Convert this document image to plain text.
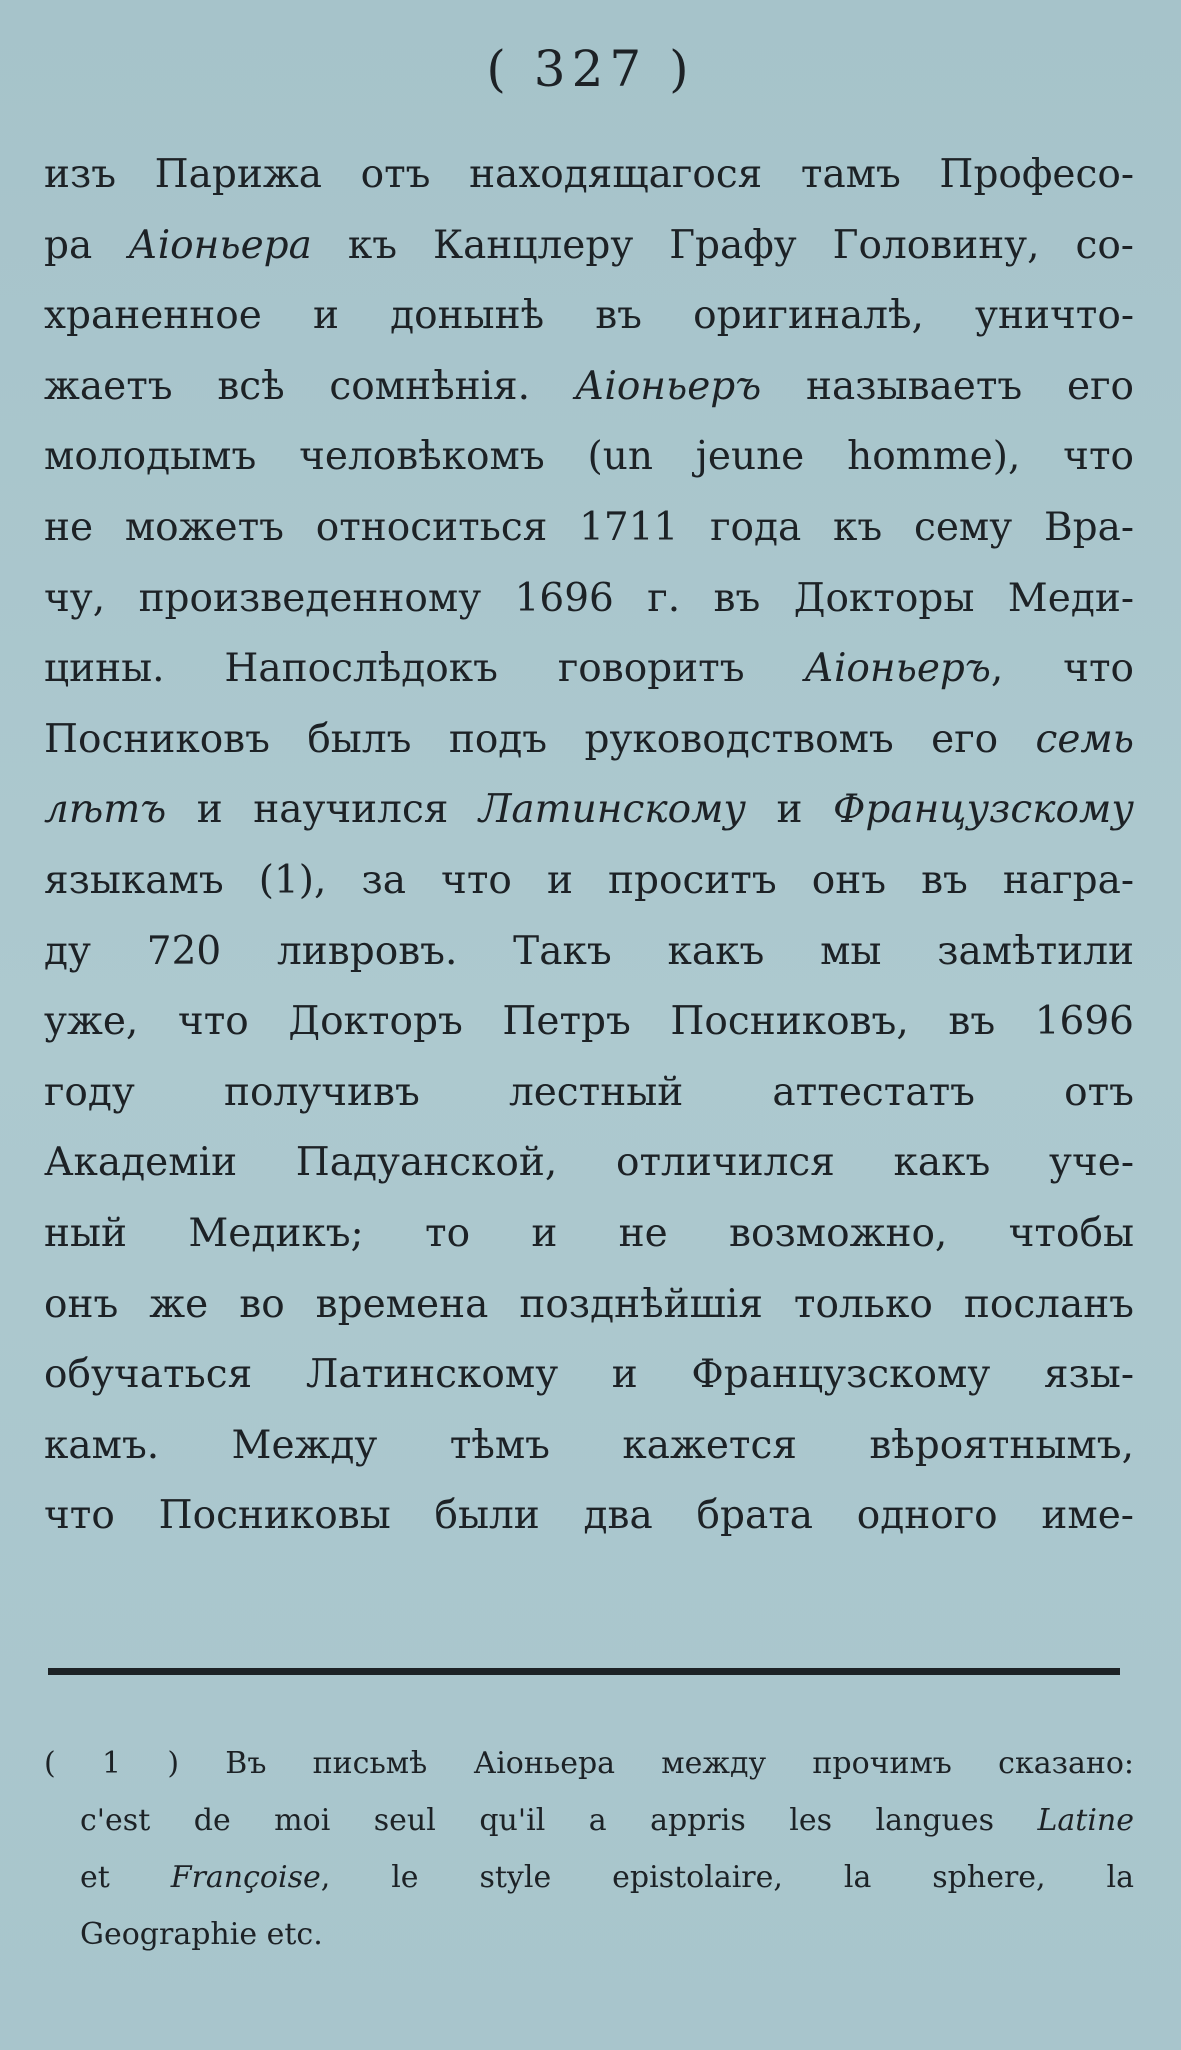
( 327 )
изъ Парижа отъ находящагося тамъ Професо-
ра Аіоньера къ Канцлеру Графу Головину, со-
храненное и донынѣ въ оригиналѣ, уничто-
жаетъ всѣ сомнѣнія. Аіоньеръ называетъ его
молодымъ человѣкомъ (un jeune homme), что
не можетъ относиться 1711 года къ сему Вра-
чу, произведенному 1696 г. въ Докторы Меди-
цины. Напослѣдокъ говоритъ Аіоньеръ, что
Посниковъ былъ подъ руководствомъ его семь
лѣтъ и научился Латинскому и Французскому
языкамъ (1), за что и проситъ онъ въ награ-
ду 720 ливровъ. Такъ какъ мы замѣтили
уже, что Докторъ Петръ Посниковъ, въ 1696
году получивъ лестный аттестатъ отъ
Академіи Падуанской, отличился какъ уче-
ный Медикъ; то и не возможно, чтобы
онъ же во времена позднѣйшія только посланъ
обучаться Латинскому и Французскому язы-
камъ. Между тѣмъ кажется вѣроятнымъ,
что Посниковы были два брата одного име-
( 1 ) Въ письмѣ Аіоньера между прочимъ сказано:
c'est de moi seul qu'il a appris les langues Latine
et Françoise, le style epistolaire, la sphere, la
Geographie etc.
